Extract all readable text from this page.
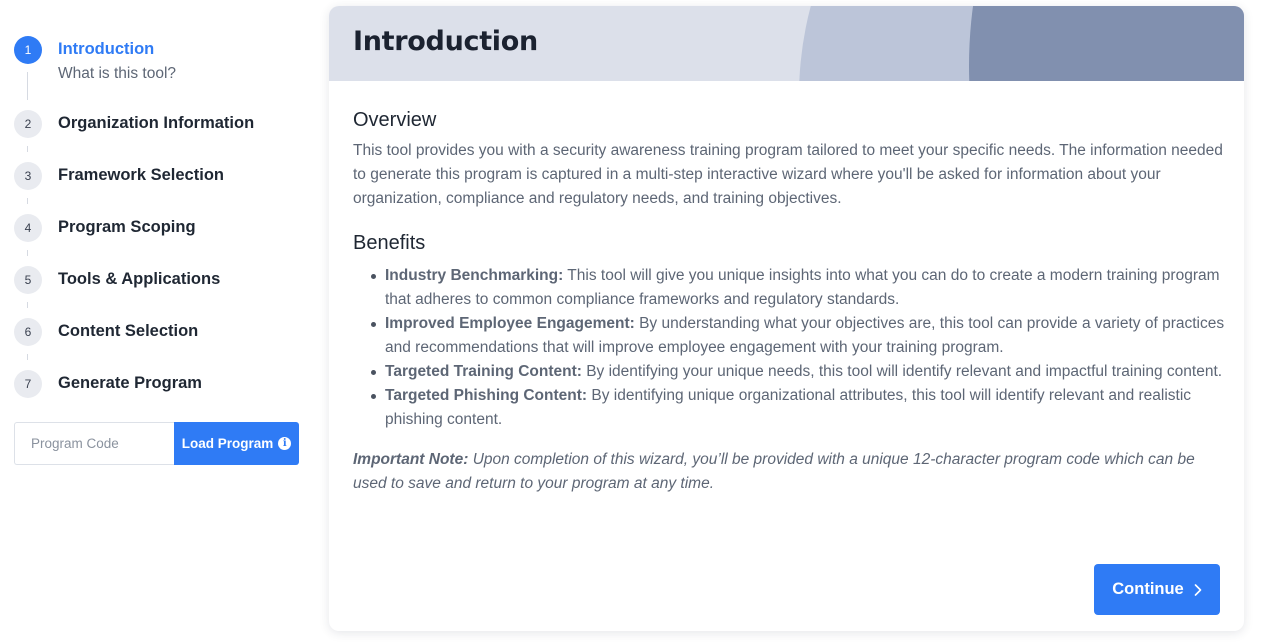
1	Introduction
What is this tool?
2	Organization Information
3	Framework Selection
4	Program Scoping
5	Tools & Applications
6	Content Selection
7	Generate Program
Program Code
Load Program i
Introduction
Overview

This tool provides you with a security awareness training program tailored to meet your specific needs. The information needed to generate this program is captured in a multi-step interactive wizard where you'll be asked for information about your organization, compliance and regulatory needs, and training objectives.

Benefits
Industry Benchmarking: This tool will give you unique insights into what you can do to create a modern training program that adheres to common compliance frameworks and regulatory standards.
Improved Employee Engagement: By understanding what your objectives are, this tool can provide a variety of practices and recommendations that will improve employee engagement with your training program.
Targeted Training Content: By identifying your unique needs, this tool will identify relevant and impactful training content.
Targeted Phishing Content: By identifying unique organizational attributes, this tool will identify relevant and realistic phishing content.

Important Note: Upon completion of this wizard, you’ll be provided with a unique 12-character program code which can be used to save and return to your program at any time.

Continue
